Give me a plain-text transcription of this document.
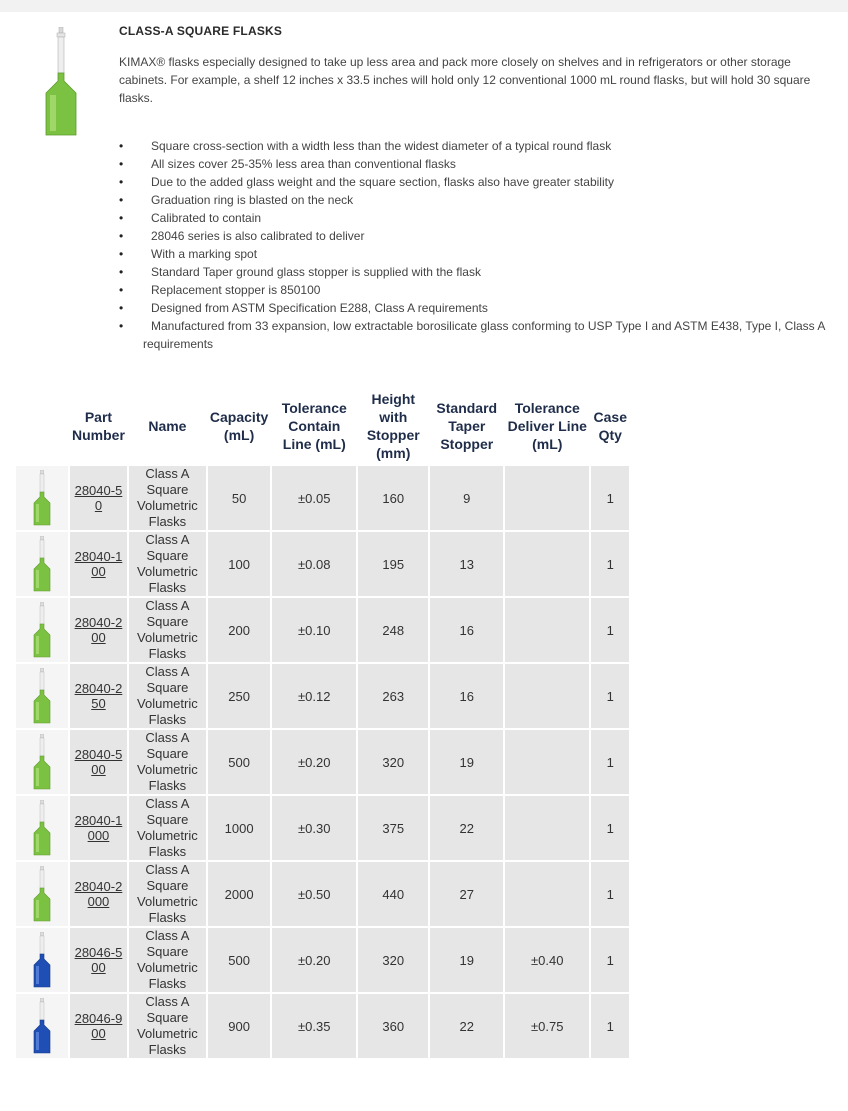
CLASS-A SQUARE FLASKS
KIMAX® flasks especially designed to take up less area and pack more closely on shelves and in refrigerators or other storage cabinets. For example, a shelf 12 inches x 33.5 inches will hold only 12 conventional 1000 mL round flasks, but will hold 30 square flasks.
• Square cross-section with a width less than the widest diameter of a typical round flask
• All sizes cover 25-35% less area than conventional flasks
• Due to the added glass weight and the square section, flasks also have greater stability
• Graduation ring is blasted on the neck
• Calibrated to contain
• 28046 series is also calibrated to deliver
• With a marking spot
• Standard Taper ground glass stopper is supplied with the flask
• Replacement stopper is 850100
• Designed from ASTM Specification E288, Class A requirements
• Manufactured from 33 expansion, low extractable borosilicate glass conforming to USP Type I and ASTM E438, Type I, Class A requirements
	Part Number	Name	Capacity (mL)	Tolerance Contain Line (mL)	Height with Stopper (mm)	Standard Taper Stopper	Tolerance Deliver Line (mL)	Case Qty

	28040-50	Class A Square Volumetric Flasks	50	±0.05	160	9		1

	28040-100	Class A Square Volumetric Flasks	100	±0.08	195	13		1

	28040-200	Class A Square Volumetric Flasks	200	±0.10	248	16		1

	28040-250	Class A Square Volumetric Flasks	250	±0.12	263	16		1

	28040-500	Class A Square Volumetric Flasks	500	±0.20	320	19		1

	28040-1000	Class A Square Volumetric Flasks	1000	±0.30	375	22		1

	28040-2000	Class A Square Volumetric Flasks	2000	±0.50	440	27		1

	28046-500	Class A Square Volumetric Flasks	500	±0.20	320	19	±0.40	1

	28046-900	Class A Square Volumetric Flasks	900	±0.35	360	22	±0.75	1
